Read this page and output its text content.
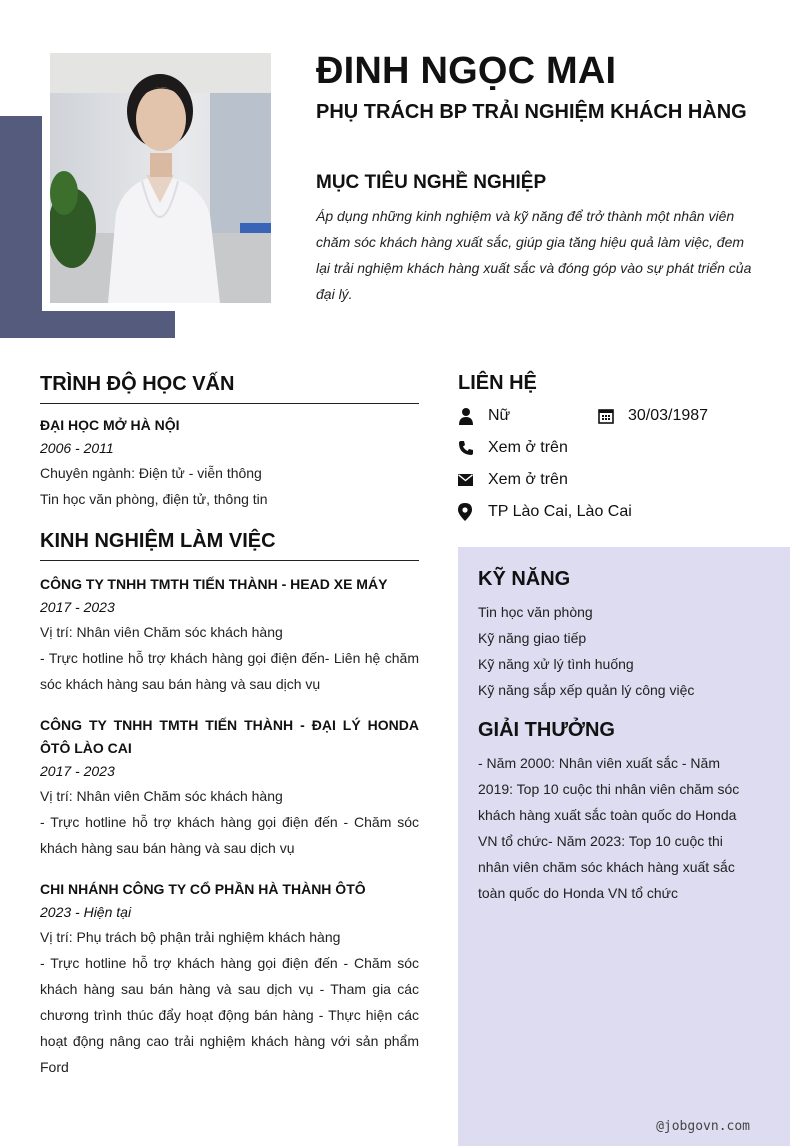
ĐINH NGỌC MAI
PHỤ TRÁCH BP TRẢI NGHIỆM KHÁCH HÀNG
MỤC TIÊU NGHỀ NGHIỆP

Áp dụng những kinh nghiệm và kỹ năng để trở thành một nhân viên chăm sóc khách hàng xuất sắc, giúp gia tăng hiệu quả làm việc, đem lại trải nghiệm khách hàng xuất sắc và đóng góp vào sự phát triển của đại lý.

TRÌNH ĐỘ HỌC VẤN

ĐẠI HỌC MỞ HÀ NỘI

2006 - 2011

Chuyên ngành: Điện tử - viễn thông

Tin học văn phòng, điện tử, thông tin

KINH NGHIỆM LÀM VIỆC

CÔNG TY TNHH TMTH TIẾN THÀNH - HEAD XE MÁY

2017 - 2023

Vị trí: Nhân viên Chăm sóc khách hàng

- Trực hotline hỗ trợ khách hàng gọi điện đến- Liên hệ chăm sóc khách hàng sau bán hàng và sau dịch vụ

CÔNG TY TNHH TMTH TIẾN THÀNH - ĐẠI LÝ HONDA ÔTÔ LÀO CAI

2017 - 2023

Vị trí: Nhân viên Chăm sóc khách hàng

- Trực hotline hỗ trợ khách hàng gọi điện đến - Chăm sóc khách hàng sau bán hàng và sau dịch vụ

CHI NHÁNH CÔNG TY CỔ PHẦN HÀ THÀNH ÔTÔ

2023 - Hiện tại

Vị trí: Phụ trách bộ phận trải nghiệm khách hàng

- Trực hotline hỗ trợ khách hàng gọi điện đến - Chăm sóc khách hàng sau bán hàng và sau dịch vụ - Tham gia các chương trình thúc đẩy hoạt động bán hàng - Thực hiện các hoạt động nâng cao trải nghiệm khách hàng với sản phẩm Ford

LIÊN HỆ
Nữ	30/03/1987
Xem ở trên
Xem ở trên
TP Lào Cai, Lào Cai
KỸ NĂNG

Tin học văn phòng

Kỹ năng giao tiếp

Kỹ năng xử lý tình huống

Kỹ năng sắp xếp quản lý công việc

GIẢI THƯỞNG

- Năm 2000: Nhân viên xuất sắc - Năm 2019: Top 10 cuộc thi nhân viên chăm sóc khách hàng xuất sắc toàn quốc do Honda VN tổ chức- Năm 2023: Top 10 cuộc thi nhân viên chăm sóc khách hàng xuất sắc toàn quốc do Honda VN tổ chức

@jobgovn.com
